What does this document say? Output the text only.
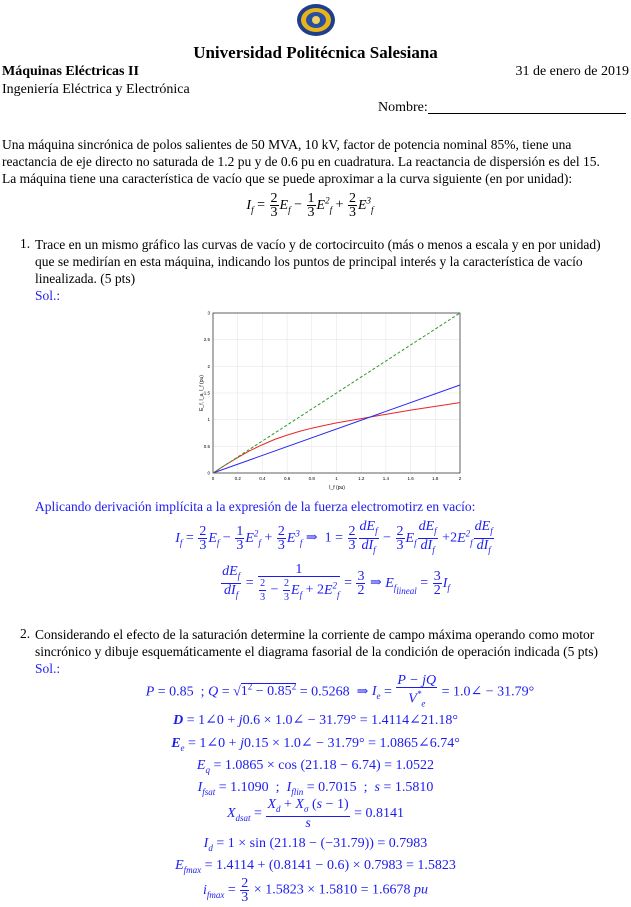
Universidad Politécnica Salesiana
Máquinas Eléctricas II	31 de enero de 2019
Ingeniería Eléctrica y Electrónica
Nombre:
Una máquina sincrónica de polos salientes de 50 MVA, 10 kV, factor de potencia nominal 85%, tiene una
reactancia de eje directo no saturada de 1.2 pu y de 0.6 pu en cuadratura. La reactancia de dispersión es del 15.
La máquina tiene una característica de vacío que se puede aproximar a la curva siguiente (en por unidad):
$I_f = \frac{2}{3} E_f - \frac{1}{3} E^2_f + \frac{2}{3} E^3_f$
1. Trace en un mismo gráfico las curvas de vacío y de cortocircuito (más o menos a escala y en por unidad)
que se medirían en esta máquina, indicando los puntos de principal interés y la característica de vacío
linealizada. (5 pts)
Sol.:
0	0.2	0.4	0.6	0.8	1	1.2	1.4	1.6	1.8	2
0
0.5
1
1.5
2
2.5
3
I_f (pu)
E_f, I_a, I_f (pu)
Aplicando derivación implícita a la expresión de la fuerza electromotirz en vacío:
$I_f = \frac{2}{3} E_f - \frac{1}{3} E^2_f + \frac{2}{3} E^3_f$ ⇒  $1 = \frac{2}{3} \frac{dE_f}{dI_f} - \frac{2}{3} E_f \frac{dE_f}{dI_f} +2E^2_f \frac{dE_f}{dI_f}$
$\frac{dE_f}{dI_f} = \frac{1}{\frac{2}{3} - \frac{2}{3} E_f + 2E^2_f} = \frac{3}{2}$ ⇒ $E_{f_{lineal}} = \frac{3}{2} I_f$
2. Considerando el efecto de la saturación determine la corriente de campo máxima operando como motor
sincrónico y dibuje esquemáticamente el diagrama fasorial de la condición de operación indicada (5 pts)
Sol.:
P = 0.85  ; $Q = √1^2 - 0.85^2 = 0.5268$  ⇒ $I_e = \frac{P - jQ}{V^*_e}$ = 1.0∠ − 31.79°
D = 1∠0 + j0.6 × 1.0∠ − 31.79° = 1.4114∠21.18°
$E_e$ = 1∠0 + j0.15 × 1.0∠ − 31.79° = 1.0865∠6.74°
$E_q = 1.0865 \times \cos (21.18 - 6.74) = 1.0522$
$I_{fsat} = 1.1090$  ;  $I_{flin} = 0.7015$  ;  s = 1.5810
$X_{dsat} = \frac{X_d + X_\sigma (s - 1)}{s} = 0.8141$
$I_d = 1 \times \sin (21.18 - (-31.79)) = 0.7983$
$E_{fmax} = 1.4114 + (0.8141 - 0.6) \times 0.7983 = 1.5823$
$i_{fmax} = \frac{2}{3} \times 1.5823 \times 1.5810 = 1.6678$ pu
